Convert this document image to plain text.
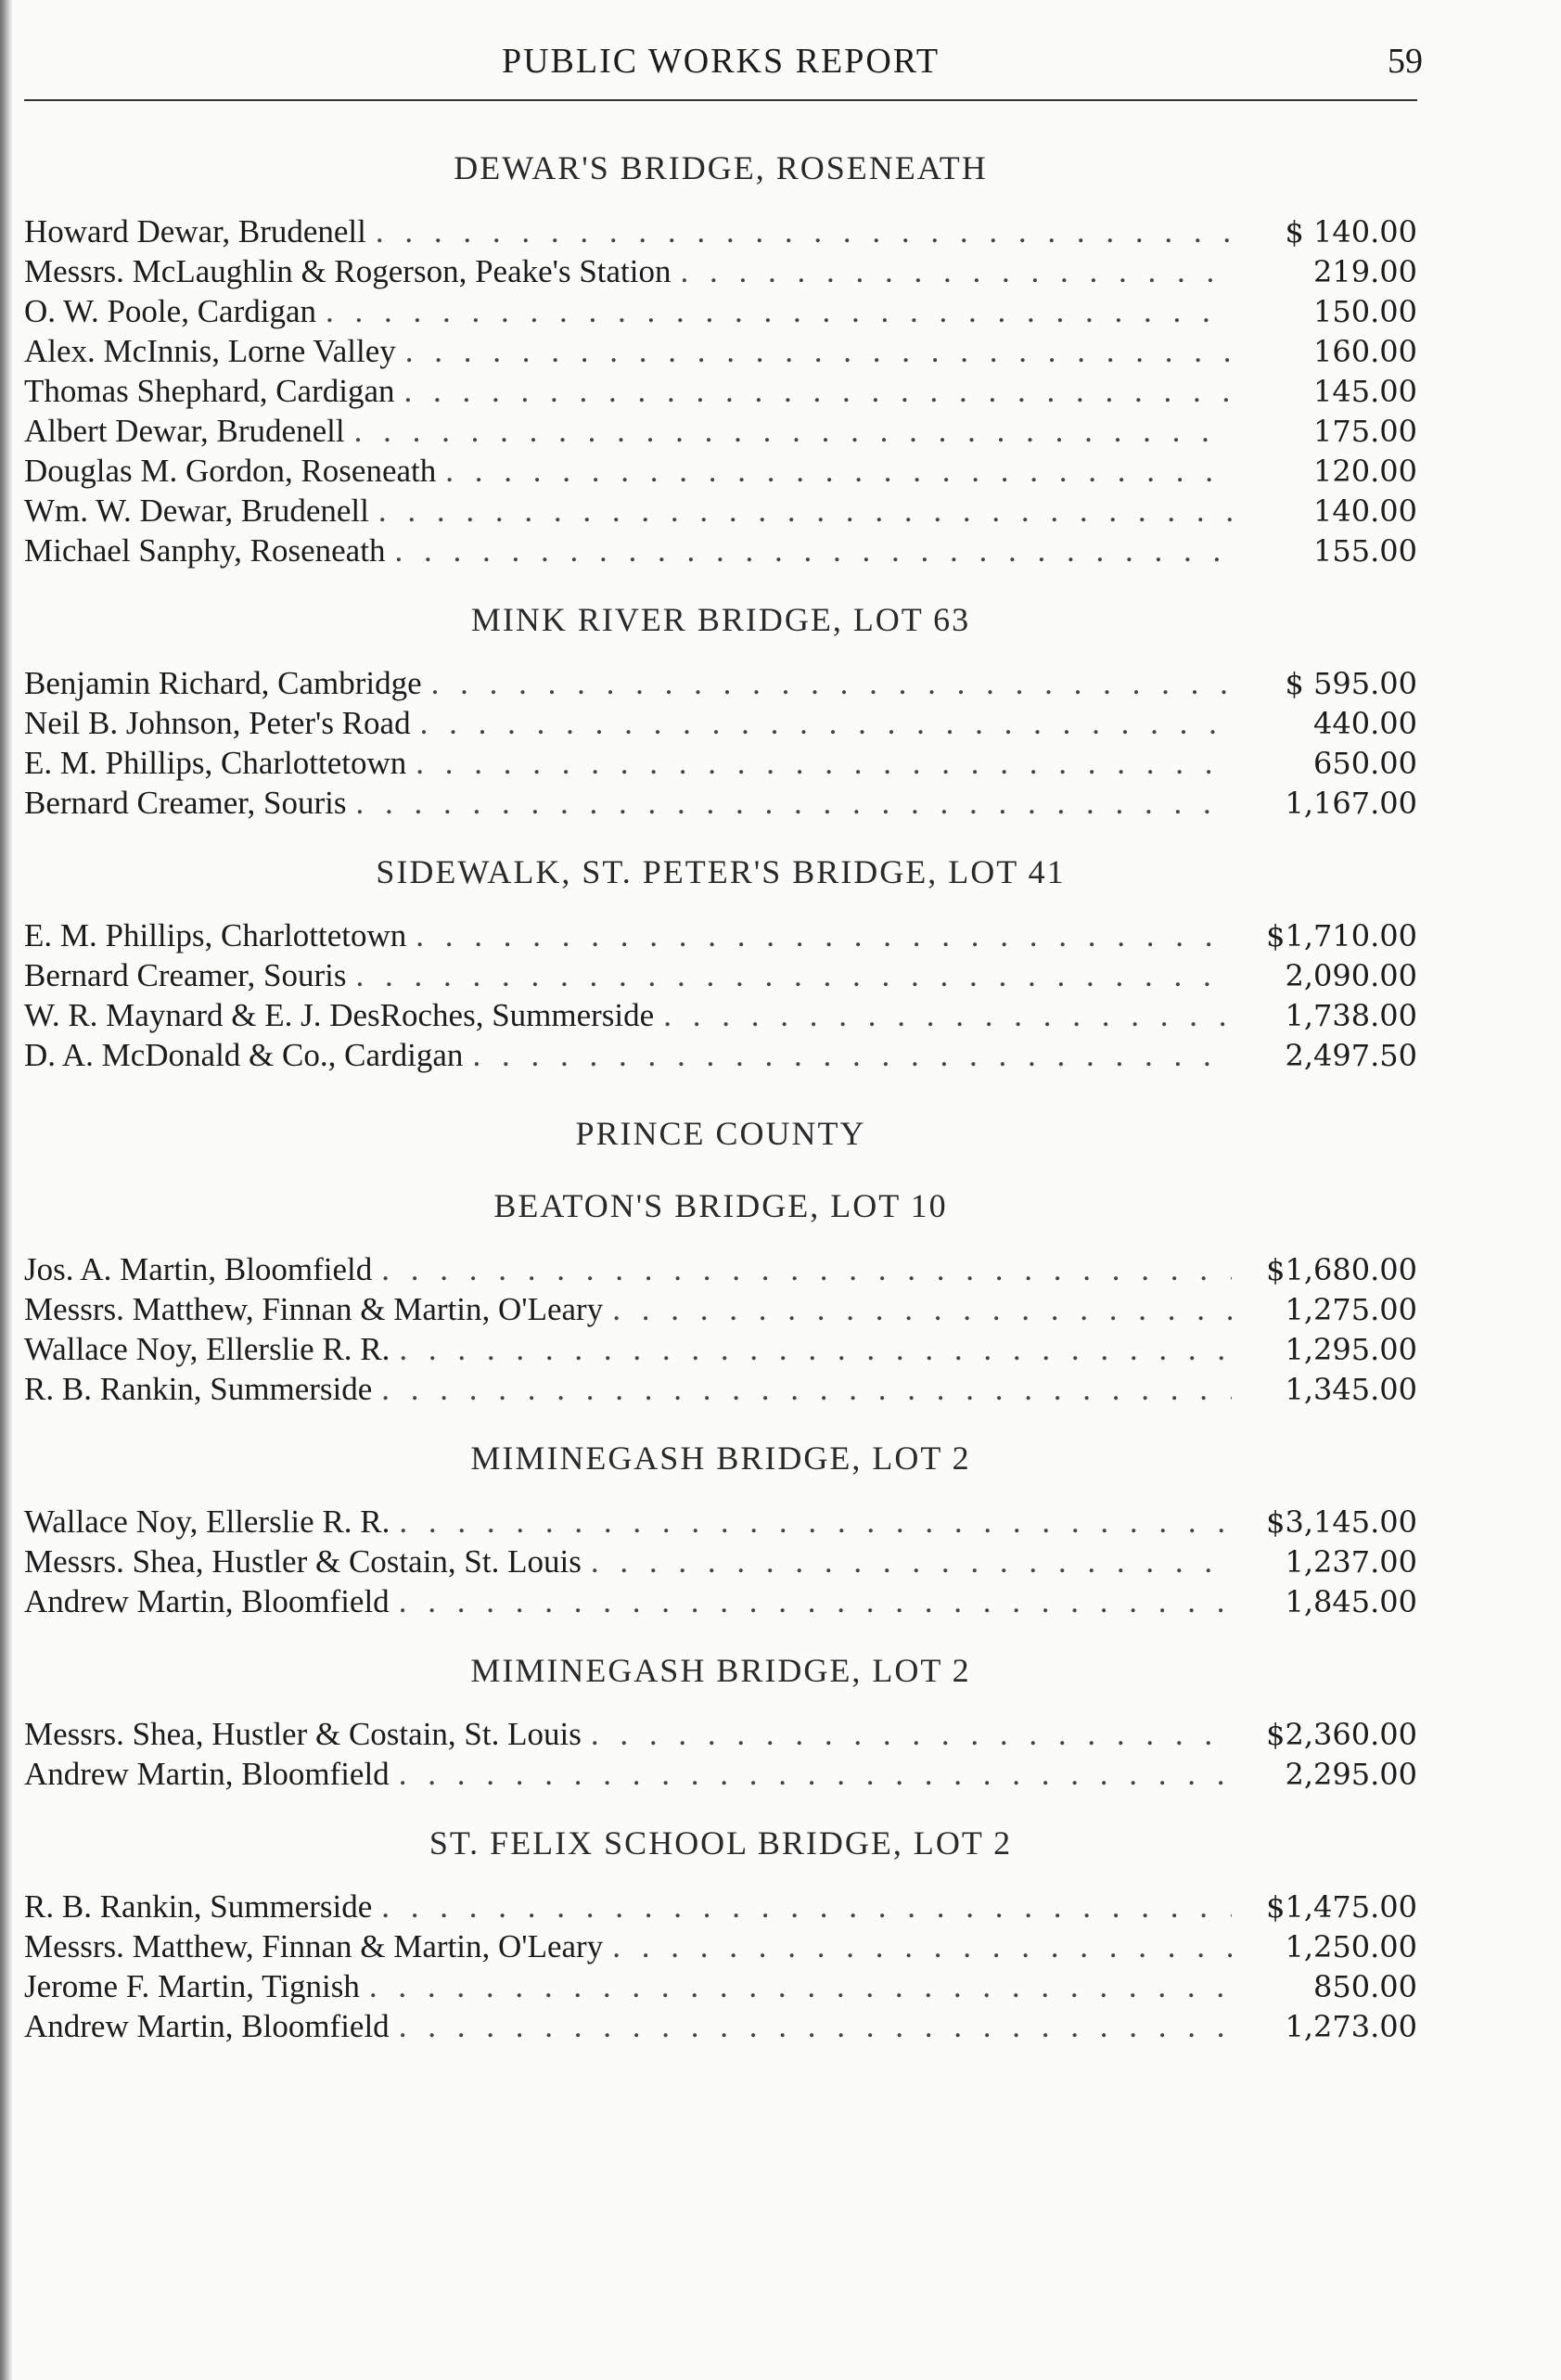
PUBLIC WORKS REPORT	59
DEWAR'S BRIDGE, ROSENEATH
Howard Dewar, Brudenell . . .	$ 140.00
Messrs. McLaughlin & Rogerson, Peake's Station . . .	219.00
O. W. Poole, Cardigan . . .	150.00
Alex. McInnis, Lorne Valley . . .	160.00
Thomas Shephard, Cardigan . . .	145.00
Albert Dewar, Brudenell . . .	175.00
Douglas M. Gordon, Roseneath . . .	120.00
Wm. W. Dewar, Brudenell . . .	140.00
Michael Sanphy, Roseneath . . .	155.00
MINK RIVER BRIDGE, LOT 63
Benjamin Richard, Cambridge . . .	$ 595.00
Neil B. Johnson, Peter's Road . . .	440.00
E. M. Phillips, Charlottetown . . .	650.00
Bernard Creamer, Souris . . .	1,167.00
SIDEWALK, ST. PETER'S BRIDGE, LOT 41
E. M. Phillips, Charlottetown . . .	$1,710.00
Bernard Creamer, Souris . . .	2,090.00
W. R. Maynard & E. J. DesRoches, Summerside . . .	1,738.00
D. A. McDonald & Co., Cardigan . . .	2,497.50
PRINCE COUNTY
BEATON'S BRIDGE, LOT 10
Jos. A. Martin, Bloomfield . . .	$1,680.00
Messrs. Matthew, Finnan & Martin, O'Leary . . .	1,275.00
Wallace Noy, Ellerslie R. R. . . .	1,295.00
R. B. Rankin, Summerside . . .	1,345.00
MIMINEGASH BRIDGE, LOT 2
Wallace Noy, Ellerslie R. R. . . .	$3,145.00
Messrs. Shea, Hustler & Costain, St. Louis . . .	1,237.00
Andrew Martin, Bloomfield . . .	1,845.00
MIMINEGASH BRIDGE, LOT 2
Messrs. Shea, Hustler & Costain, St. Louis . . .	$2,360.00
Andrew Martin, Bloomfield . . .	2,295.00
ST. FELIX SCHOOL BRIDGE, LOT 2
R. B. Rankin, Summerside . . .	$1,475.00
Messrs. Matthew, Finnan & Martin, O'Leary . . .	1,250.00
Jerome F. Martin, Tignish . . .	850.00
Andrew Martin, Bloomfield . . .	1,273.00
